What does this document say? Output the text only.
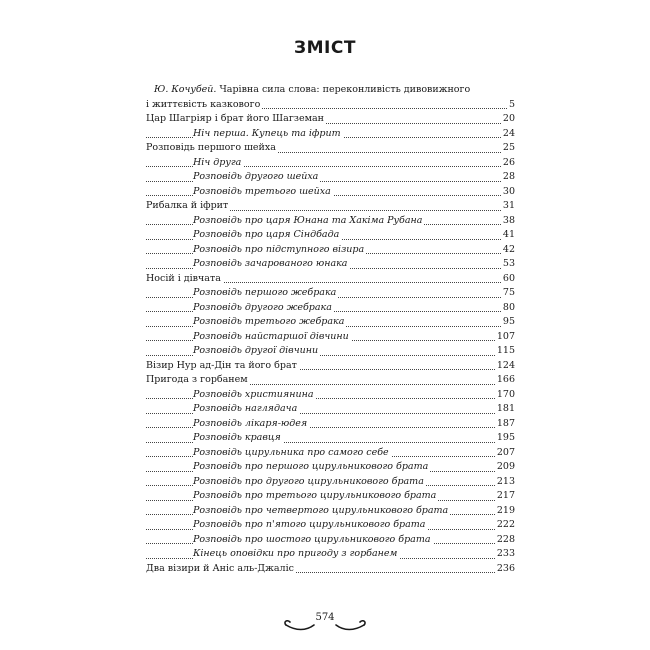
ЗМІСТ
Ю. Кочубей. Чарівна сила слова: переконливість дивовижного
і життєвість казкового	5
Цар Шагріяр і брат його Шагземан	20
Ніч перша. Купець та іфрит	24
Розповідь першого шейха	25
Ніч друга	26
Розповідь другого шейха	28
Розповідь третього шейха	30
Рибалка й іфрит	31
Розповідь про царя Юнана та Хакіма Рубана	38
Розповідь про царя Сіндбада	41
Розповідь про підступного візира	42
Розповідь зачарованого юнака	53
Носій і дівчата	60
Розповідь першого жебрака	75
Розповідь другого жебрака	80
Розповідь третього жебрака	95
Розповідь найстаршої дівчини	107
Розповідь другої дівчини	115
Візир Нур ад-Дін та його брат	124
Пригода з горбанем	166
Розповідь християнина	170
Розповідь наглядача	181
Розповідь лікаря-юдея	187
Розповідь кравця	195
Розповідь цирульника про самого себе	207
Розповідь про першого цирульникового брата	209
Розповідь про другого цирульникового брата	213
Розповідь про третього цирульникового брата	217
Розповідь про четвертого цирульникового брата	219
Розповідь про п'ятого цирульникового брата	222
Розповідь про шостого цирульникового брата	228
Кінець оповідки про пригоду з горбанем	233
Два візири й Аніс аль-Джаліс	236
574
